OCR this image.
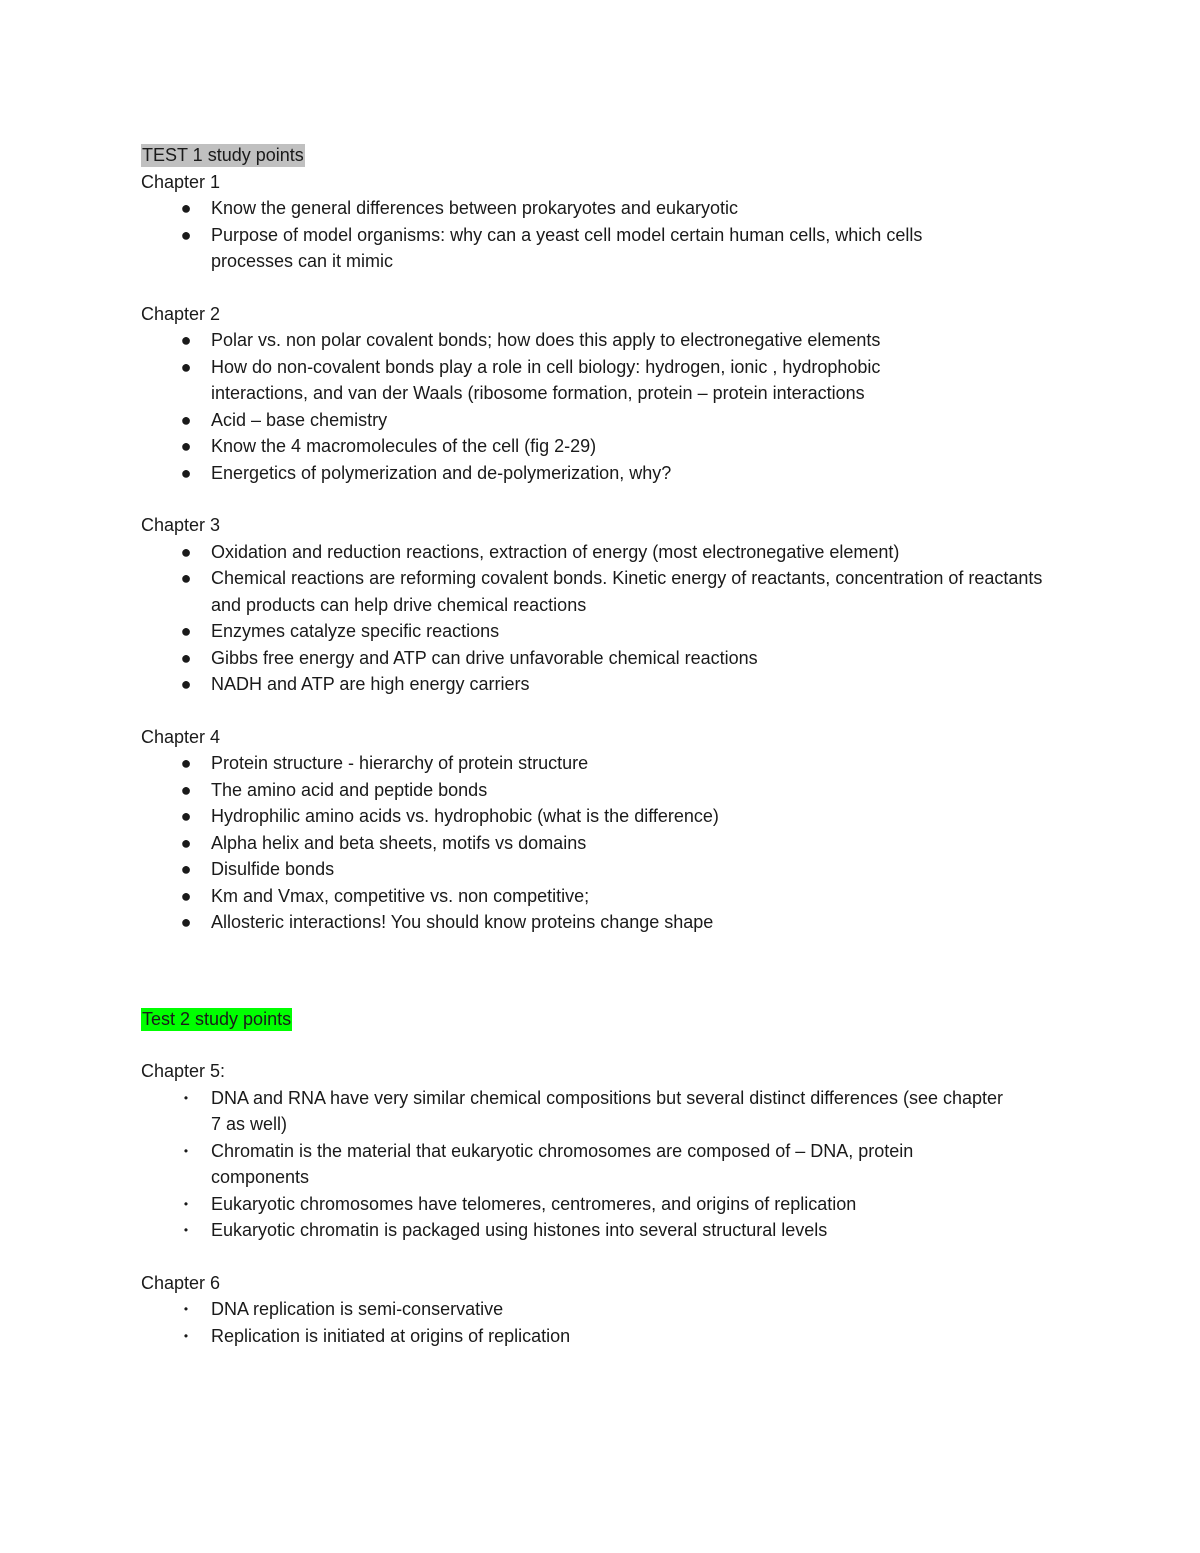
TEST 1 study points
Chapter 1
● Know the general differences between prokaryotes and eukaryotic
● Purpose of model organisms: why can a yeast cell model certain human cells, which cells processes can it mimic
Chapter 2
● Polar vs. non polar covalent bonds; how does this apply to electronegative elements
● How do non-covalent bonds play a role in cell biology: hydrogen, ionic , hydrophobic interactions, and van der Waals (ribosome formation, protein – protein interactions
● Acid – base chemistry
● Know the 4 macromolecules of the cell (fig 2-29)
● Energetics of polymerization and de-polymerization, why?
Chapter 3
● Oxidation and reduction reactions, extraction of energy (most electronegative element)
● Chemical reactions are reforming covalent bonds. Kinetic energy of reactants, concentration of reactants and products can help drive chemical reactions
● Enzymes catalyze specific reactions
● Gibbs free energy and ATP can drive unfavorable chemical reactions
● NADH and ATP are high energy carriers
Chapter 4
● Protein structure - hierarchy of protein structure
● The amino acid and peptide bonds
● Hydrophilic amino acids vs. hydrophobic (what is the difference)
● Alpha helix and beta sheets, motifs vs domains
● Disulfide bonds
● Km and Vmax, competitive vs. non competitive;
● Allosteric interactions! You should know proteins change shape
Test 2 study points
Chapter 5:
•	DNA and RNA have very similar chemical compositions but several distinct differences (see chapter 7 as well)
•	Chromatin is the material that eukaryotic chromosomes are composed of – DNA, protein components
•	Eukaryotic chromosomes have telomeres, centromeres, and origins of replication
•	Eukaryotic chromatin is packaged using histones into several structural levels
Chapter 6
•	DNA replication is semi-conservative
•	Replication is initiated at origins of replication
